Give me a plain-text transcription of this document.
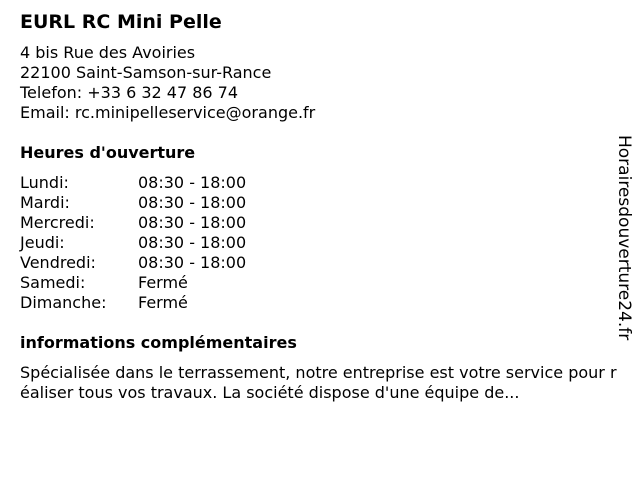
EURL RC Mini Pelle
4 bis Rue des Avoiries
22100 Saint-Samson-sur-Rance
Telefon: +33 6 32 47 86 74
Email: rc.minipelleservice@orange.fr
Heures d'ouverture
Lundi:	08:30 - 18:00
Mardi:	08:30 - 18:00
Mercredi:	08:30 - 18:00
Jeudi:	08:30 - 18:00
Vendredi:	08:30 - 18:00
Samedi:	Fermé
Dimanche:	Fermé
informations complémentaires
Spécialisée dans le terrassement, notre entreprise est votre service pour réaliser tous vos travaux. La société dispose d'une équipe de...
Horairesdouverture24.fr
